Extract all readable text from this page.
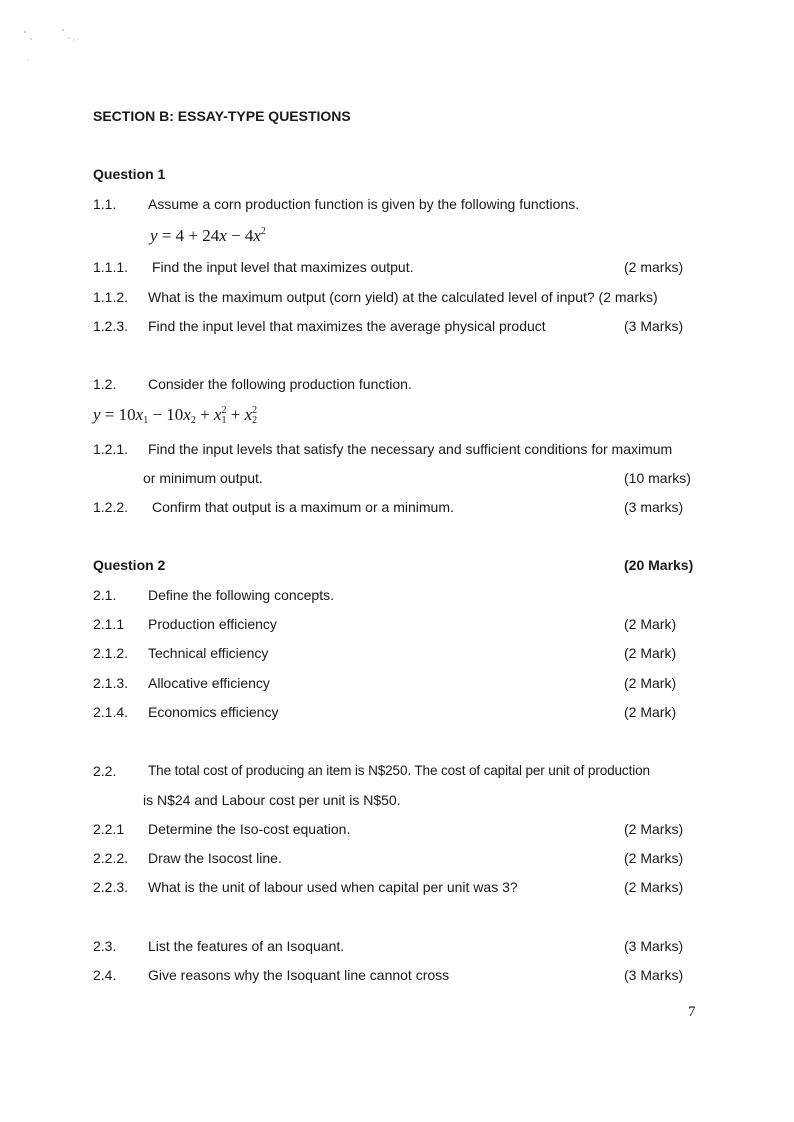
SECTION B: ESSAY-TYPE QUESTIONS
Question 1
1.1. Assume a corn production function is given by the following functions.
$y = 4 + 24x - 4x^2$
1.1.1. Find the input level that maximizes output.	(2 marks)
1.1.2. What is the maximum output (corn yield) at the calculated level of input? (2 marks)
1.2.3. Find the input level that maximizes the average physical product	(3 Marks)
1.2. Consider the following production function.
$y = 10x_1 - 10x_2 + x_1^2 + x_2^2$
1.2.1. Find the input levels that satisfy the necessary and sufficient conditions for maximum
or minimum output.	(10 marks)
1.2.2. Confirm that output is a maximum or a minimum.	(3 marks)
Question 2	(20 Marks)
2.1. Define the following concepts.
2.1.1 Production efficiency	(2 Mark)
2.1.2. Technical efficiency	(2 Mark)
2.1.3. Allocative efficiency	(2 Mark)
2.1.4. Economics efficiency	(2 Mark)
2.2. The total cost of producing an item is N$250. The cost of capital per unit of production
is N$24 and Labour cost per unit is N$50.
2.2.1 Determine the Iso-cost equation.	(2 Marks)
2.2.2. Draw the Isocost line.	(2 Marks)
2.2.3. What is the unit of labour used when capital per unit was 3?	(2 Marks)
2.3. List the features of an Isoquant.	(3 Marks)
2.4. Give reasons why the Isoquant line cannot cross	(3 Marks)
7
